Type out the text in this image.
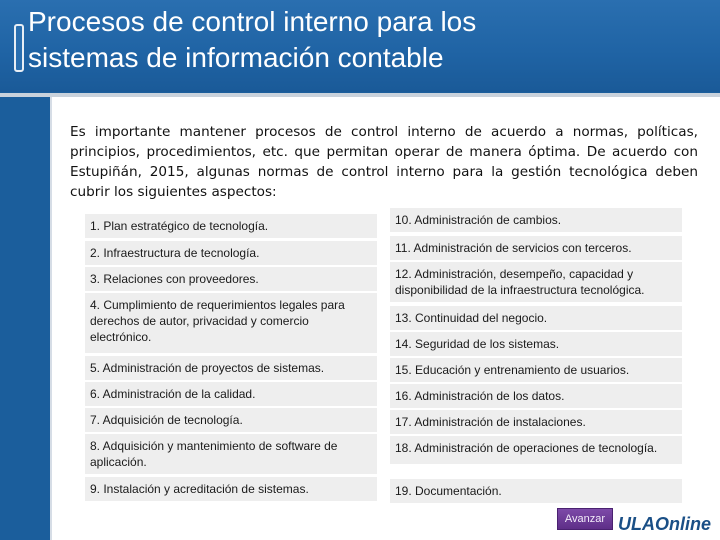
Procesos de control interno para los
sistemas de información contable
Es importante mantener procesos de control interno de acuerdo a normas, políticas, principios, procedimientos, etc. que permitan operar de manera óptima. De acuerdo con Estupiñán, 2015, algunas normas de control interno para la gestión tecnológica deben cubrir los siguientes aspectos:
1. Plan estratégico de tecnología.
2. Infraestructura de tecnología.
3. Relaciones con proveedores.
4. Cumplimiento de requerimientos legales para derechos de autor, privacidad y comercio electrónico.
5. Administración de proyectos de sistemas.
6. Administración de la calidad.
7. Adquisición de tecnología.
8. Adquisición y mantenimiento de software de aplicación.
9. Instalación y acreditación de sistemas.
10. Administración de cambios.
11. Administración de servicios con terceros.
12. Administración, desempeño, capacidad y disponibilidad de la infraestructura tecnológica.
13. Continuidad del negocio.
14. Seguridad de los sistemas.
15. Educación y entrenamiento de usuarios.
16. Administración de los datos.
17. Administración de instalaciones.
18. Administración de operaciones de tecnología.
19. Documentación.
Avanzar ULAOnline
